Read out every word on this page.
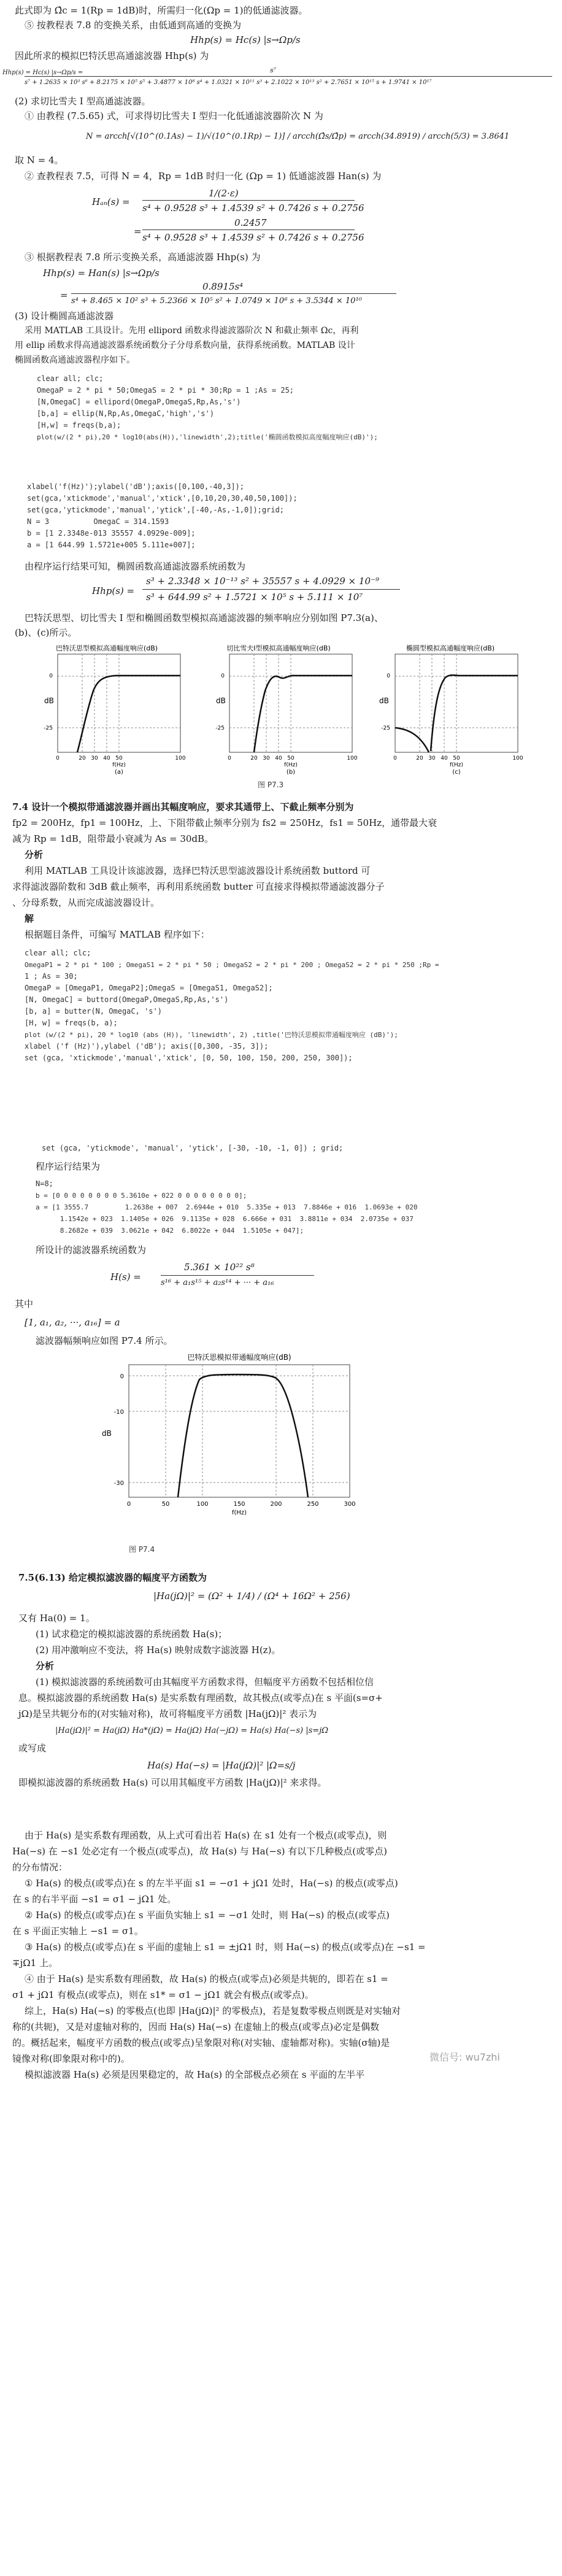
此式即为 Ω̂c = 1(Rp = 1dB)时，所需归一化(Ωp = 1)的低通滤波器。
⑤ 按教程表 7.8 的变换关系，由低通到高通的变换为
Hhp(s) = Hc(s) |s→Ωp/s
因此所求的模拟巴特沃思高通滤波器 Hhp(s) 为
Hhp(s) = Hc(s) |s→Ωp/s =	s⁷
s⁷ + 1.2635 × 10³ s⁶ + 8.2175 × 10⁵ s⁵ + 3.4877 × 10⁸ s⁴ + 1.0321 × 10¹¹ s³ + 2.1022 × 10¹³ s² + 2.7651 × 10¹⁵ s + 1.9741 × 10¹⁷
(2) 求切比雪夫 I 型高通滤波器。
① 由教程 (7.5.65) 式，可求得切比雪夫 I 型归一化低通滤波器阶次 N 为
N = arcch[√(10^(0.1As) − 1)/√(10^(0.1Rp) − 1)] / arcch(Ω̂s/Ω̂p) = arcch(34.8919) / arcch(5/3) = 3.8641
取 N = 4。
② 查教程表 7.5，可得 N = 4，Rp = 1dB 时归一化 (Ωp = 1) 低通滤波器 Han(s) 为
Hₐₙ(s) =
1/(2·ε)
s⁴ + 0.9528 s³ + 1.4539 s² + 0.7426 s + 0.2756
=
0.2457
s⁴ + 0.9528 s³ + 1.4539 s² + 0.7426 s + 0.2756
③ 根据教程表 7.8 所示变换关系，高通滤波器 Hhp(s) 为
Hhp(s) = Han(s) |s→Ωp/s
=
0.8915s⁴
s⁴ + 8.465 × 10² s³ + 5.2366 × 10⁵ s² + 1.0749 × 10⁸ s + 3.5344 × 10¹⁰
(3) 设计椭圆高通滤波器
采用 MATLAB 工具设计。先用 ellipord 函数求得滤波器阶次 N 和截止频率 Ωc，再利
用 ellip 函数求得高通滤波器系统函数分子分母系数向量，获得系统函数。MATLAB 设计
椭圆函数高通滤波器程序如下。
clear all; clc;
OmegaP = 2 * pi * 50;OmegaS = 2 * pi * 30;Rp = 1 ;As = 25;
[N,OmegaC] = ellipord(OmegaP,OmegaS,Rp,As,'s')
[b,a] = ellip(N,Rp,As,OmegaC,'high','s')
[H,w] = freqs(b,a);
plot(w/(2 * pi),20 * log10(abs(H)),'linewidth',2);title('椭圆函数模拟高度幅度响应(dB)');
xlabel('f(Hz)');ylabel('dB');axis([0,100,-40,3]);
set(gca,'xtickmode','manual','xtick',[0,10,20,30,40,50,100]);
set(gca,'ytickmode','manual','ytick',[-40,-As,-1,0]);grid;
N = 3          OmegaC = 314.1593
b = [1 2.3348e-013 35557 4.0929e-009];
a = [1 644.99 1.5721e+005 5.111e+007];
由程序运行结果可知，椭圆函数高通滤波器系统函数为
Hhp(s) =
s³ + 2.3348 × 10⁻¹³ s² + 35557 s + 4.0929 × 10⁻⁹
s³ + 644.99 s² + 1.5721 × 10⁵ s + 5.111 × 10⁷
巴特沃思型、切比雪夫 I 型和椭圆函数型模拟高通滤波器的频率响应分别如图 P7.3(a)、
(b)、(c)所示。
巴特沃思型模拟高通幅度响应(dB)
dB
0
-25
0	20 30 40 50	100
f(Hz)
(a)
切比雪夫I型模拟高通幅度响应(dB)
dB
0
-25
0	20 30 40 50	100
f(Hz)
(b)
椭圆型模拟高通幅度响应(dB)
dB
0
-25
0	20 30 40 50	100
f(Hz)
(c)
图 P7.3
7.4 设计一个模拟带通滤波器并画出其幅度响应，要求其通带上、下截止频率分别为
fp2 = 200Hz，fp1 = 100Hz，上、下阻带截止频率分别为 fs2 = 250Hz，fs1 = 50Hz，通带最大衰
减为 Rp = 1dB，阻带最小衰减为 As = 30dB。
分析
利用 MATLAB 工具设计该滤波器，选择巴特沃思型滤波器设计系统函数 buttord 可
求得滤波器阶数和 3dB 截止频率，再利用系统函数 butter 可直接求得模拟带通滤波器分子
、分母系数，从而完成滤波器设计。
解
根据题目条件，可编写 MATLAB 程序如下：
clear all; clc;
OmegaP1 = 2 * pi * 100 ; OmegaS1 = 2 * pi * 50 ; OmegaS2 = 2 * pi * 200 ; OmegaS2 = 2 * pi * 250 ;Rp =
1 ; As = 30;
OmegaP = [OmegaP1, OmegaP2];OmegaS = [OmegaS1, OmegaS2];
[N, OmegaC] = buttord(OmegaP,OmegaS,Rp,As,'s')
[b, a] = butter(N, OmegaC, 's')
[H, w] = freqs(b, a);
plot (w/(2 * pi), 20 * log10 (abs (H)), 'linewidth', 2) ,title('巴特沃思模拟带通幅度响应 (dB)');
xlabel ('f (Hz)'),ylabel ('dB'); axis([0,300, -35, 3]);
set (gca, 'xtickmode','manual','xtick', [0, 50, 100, 150, 200, 250, 300]);
set (gca, 'ytickmode', 'manual', 'ytick', [-30, -10, -1, 0]) ; grid;
程序运行结果为
N=8;
b = [0 0 0 0 0 0 0 0 5.3610e + 022 0 0 0 0 0 0 0 0];
a = [1 3555.7         1.2638e + 007  2.6944e + 010  5.335e + 013  7.8846e + 016  1.0693e + 020
1.1542e + 023  1.1405e + 026  9.1135e + 028  6.666e + 031  3.8811e + 034  2.0735e + 037
8.2682e + 039  3.0621e + 042  6.8022e + 044  1.5105e + 047];
所设计的滤波器系统函数为
H(s) =
5.361 × 10²² s⁸
s¹⁶ + a₁s¹⁵ + a₂s¹⁴ + ··· + a₁₆
其中
[1, a₁, a₂, ···, a₁₆] = a
滤波器幅频响应如图 P7.4 所示。
巴特沃思模拟带通幅度响应(dB)
dB
0
-10
-30
0	50	100	150	200	250	300
f(Hz)
图 P7.4
7.5(6.13) 给定模拟滤波器的幅度平方函数为
|Ha(jΩ)|² = (Ω² + 1/4) / (Ω⁴ + 16Ω² + 256)
又有 Ha(0) = 1。
(1) 试求稳定的模拟滤波器的系统函数 Ha(s)；
(2) 用冲激响应不变法，将 Ha(s) 映射成数字滤波器 H(z)。
分析
(1) 模拟滤波器的系统函数可由其幅度平方函数求得，但幅度平方函数不包括相位信
息。模拟滤波器的系统函数 Ha(s) 是实系数有理函数，故其极点(或零点)在 s 平面(s=σ+
jΩ)是呈共轭分布的(对实轴对称)，故可将幅度平方函数 |Ha(jΩ)|² 表示为
|Ha(jΩ)|² = Ha(jΩ) Ha*(jΩ) = Ha(jΩ) Ha(−jΩ) = Ha(s) Ha(−s) |s=jΩ
或写成
Ha(s) Ha(−s) = |Ha(jΩ)|² |Ω=s/j
即模拟滤波器的系统函数 Ha(s) 可以用其幅度平方函数 |Ha(jΩ)|² 来求得。
由于 Ha(s) 是实系数有理函数，从上式可看出若 Ha(s) 在 s1 处有一个极点(或零点)，则
Ha(−s) 在 −s1 处必定有一个极点(或零点)，故 Ha(s) 与 Ha(−s) 有以下几种极点(或零点)
的分布情况：
① Ha(s) 的极点(或零点)在 s 的左半平面 s1 = −σ1 + jΩ1 处时，Ha(−s) 的极点(或零点)
在 s 的右半平面 −s1 = σ1 − jΩ1 处。
② Ha(s) 的极点(或零点)在 s 平面负实轴上 s1 = −σ1 处时，则 Ha(−s) 的极点(或零点)
在 s 平面正实轴上 −s1 = σ1。
③ Ha(s) 的极点(或零点)在 s 平面的虚轴上 s1 = ±jΩ1 时，则 Ha(−s) 的极点(或零点)在 −s1 =
∓jΩ1 上。
④ 由于 Ha(s) 是实系数有理函数，故 Ha(s) 的极点(或零点)必须是共轭的，即若在 s1 =
σ1 + jΩ1 有极点(或零点)，则在 s1* = σ1 − jΩ1 就会有极点(或零点)。
综上，Ha(s) Ha(−s) 的零极点(也即 |Ha(jΩ)|² 的零极点)，若是复数零极点则既是对实轴对
称的(共轭)，又是对虚轴对称的，因而 Ha(s) Ha(−s) 在虚轴上的极点(或零点)必定是偶数
的。概括起来，幅度平方函数的极点(或零点)呈象限对称(对实轴、虚轴都对称)。实轴(σ轴)是
镜像对称(即象限对称中的)。
模拟滤波器 Ha(s) 必须是因果稳定的，故 Ha(s) 的全部极点必须在 s 平面的左半平
微信号: wu7zhi
